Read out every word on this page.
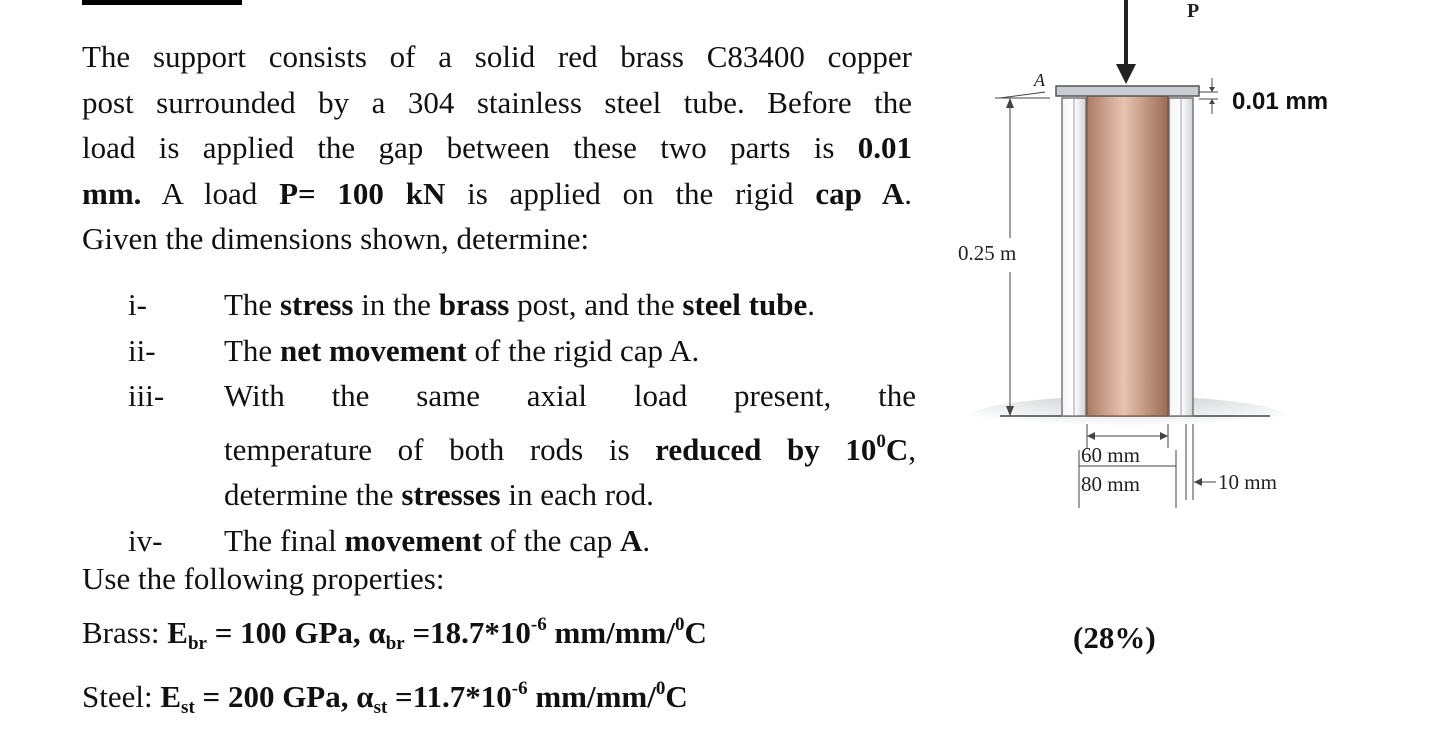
The support consists of a solid red brass C83400 copper
post surrounded by a 304 stainless steel tube. Before the
load is applied the gap between these two parts is 0.01
mm. A load P= 100 kN is applied on the rigid cap A.
Given the dimensions shown, determine:
i- The stress in the brass post, and the steel tube.
ii- The net movement of the rigid cap A.
iii- With the same axial load present, the
temperature of both rods is reduced by $10^0C$,
determine the stresses in each rod.
iv- The final movement of the cap A.
Use the following properties:
Brass: $E_{br} = 100$ GPa, $\alpha_{br} =18.7*10^{-6}$ mm/mm/$^0$C
Steel: $E_{st} = 200$ GPa, $\alpha_{st} =11.7*10^{-6}$ mm/mm/$^0$C
(28%)
P
A
0.01 mm
0.25 m
60 mm
80 mm	10 mm
